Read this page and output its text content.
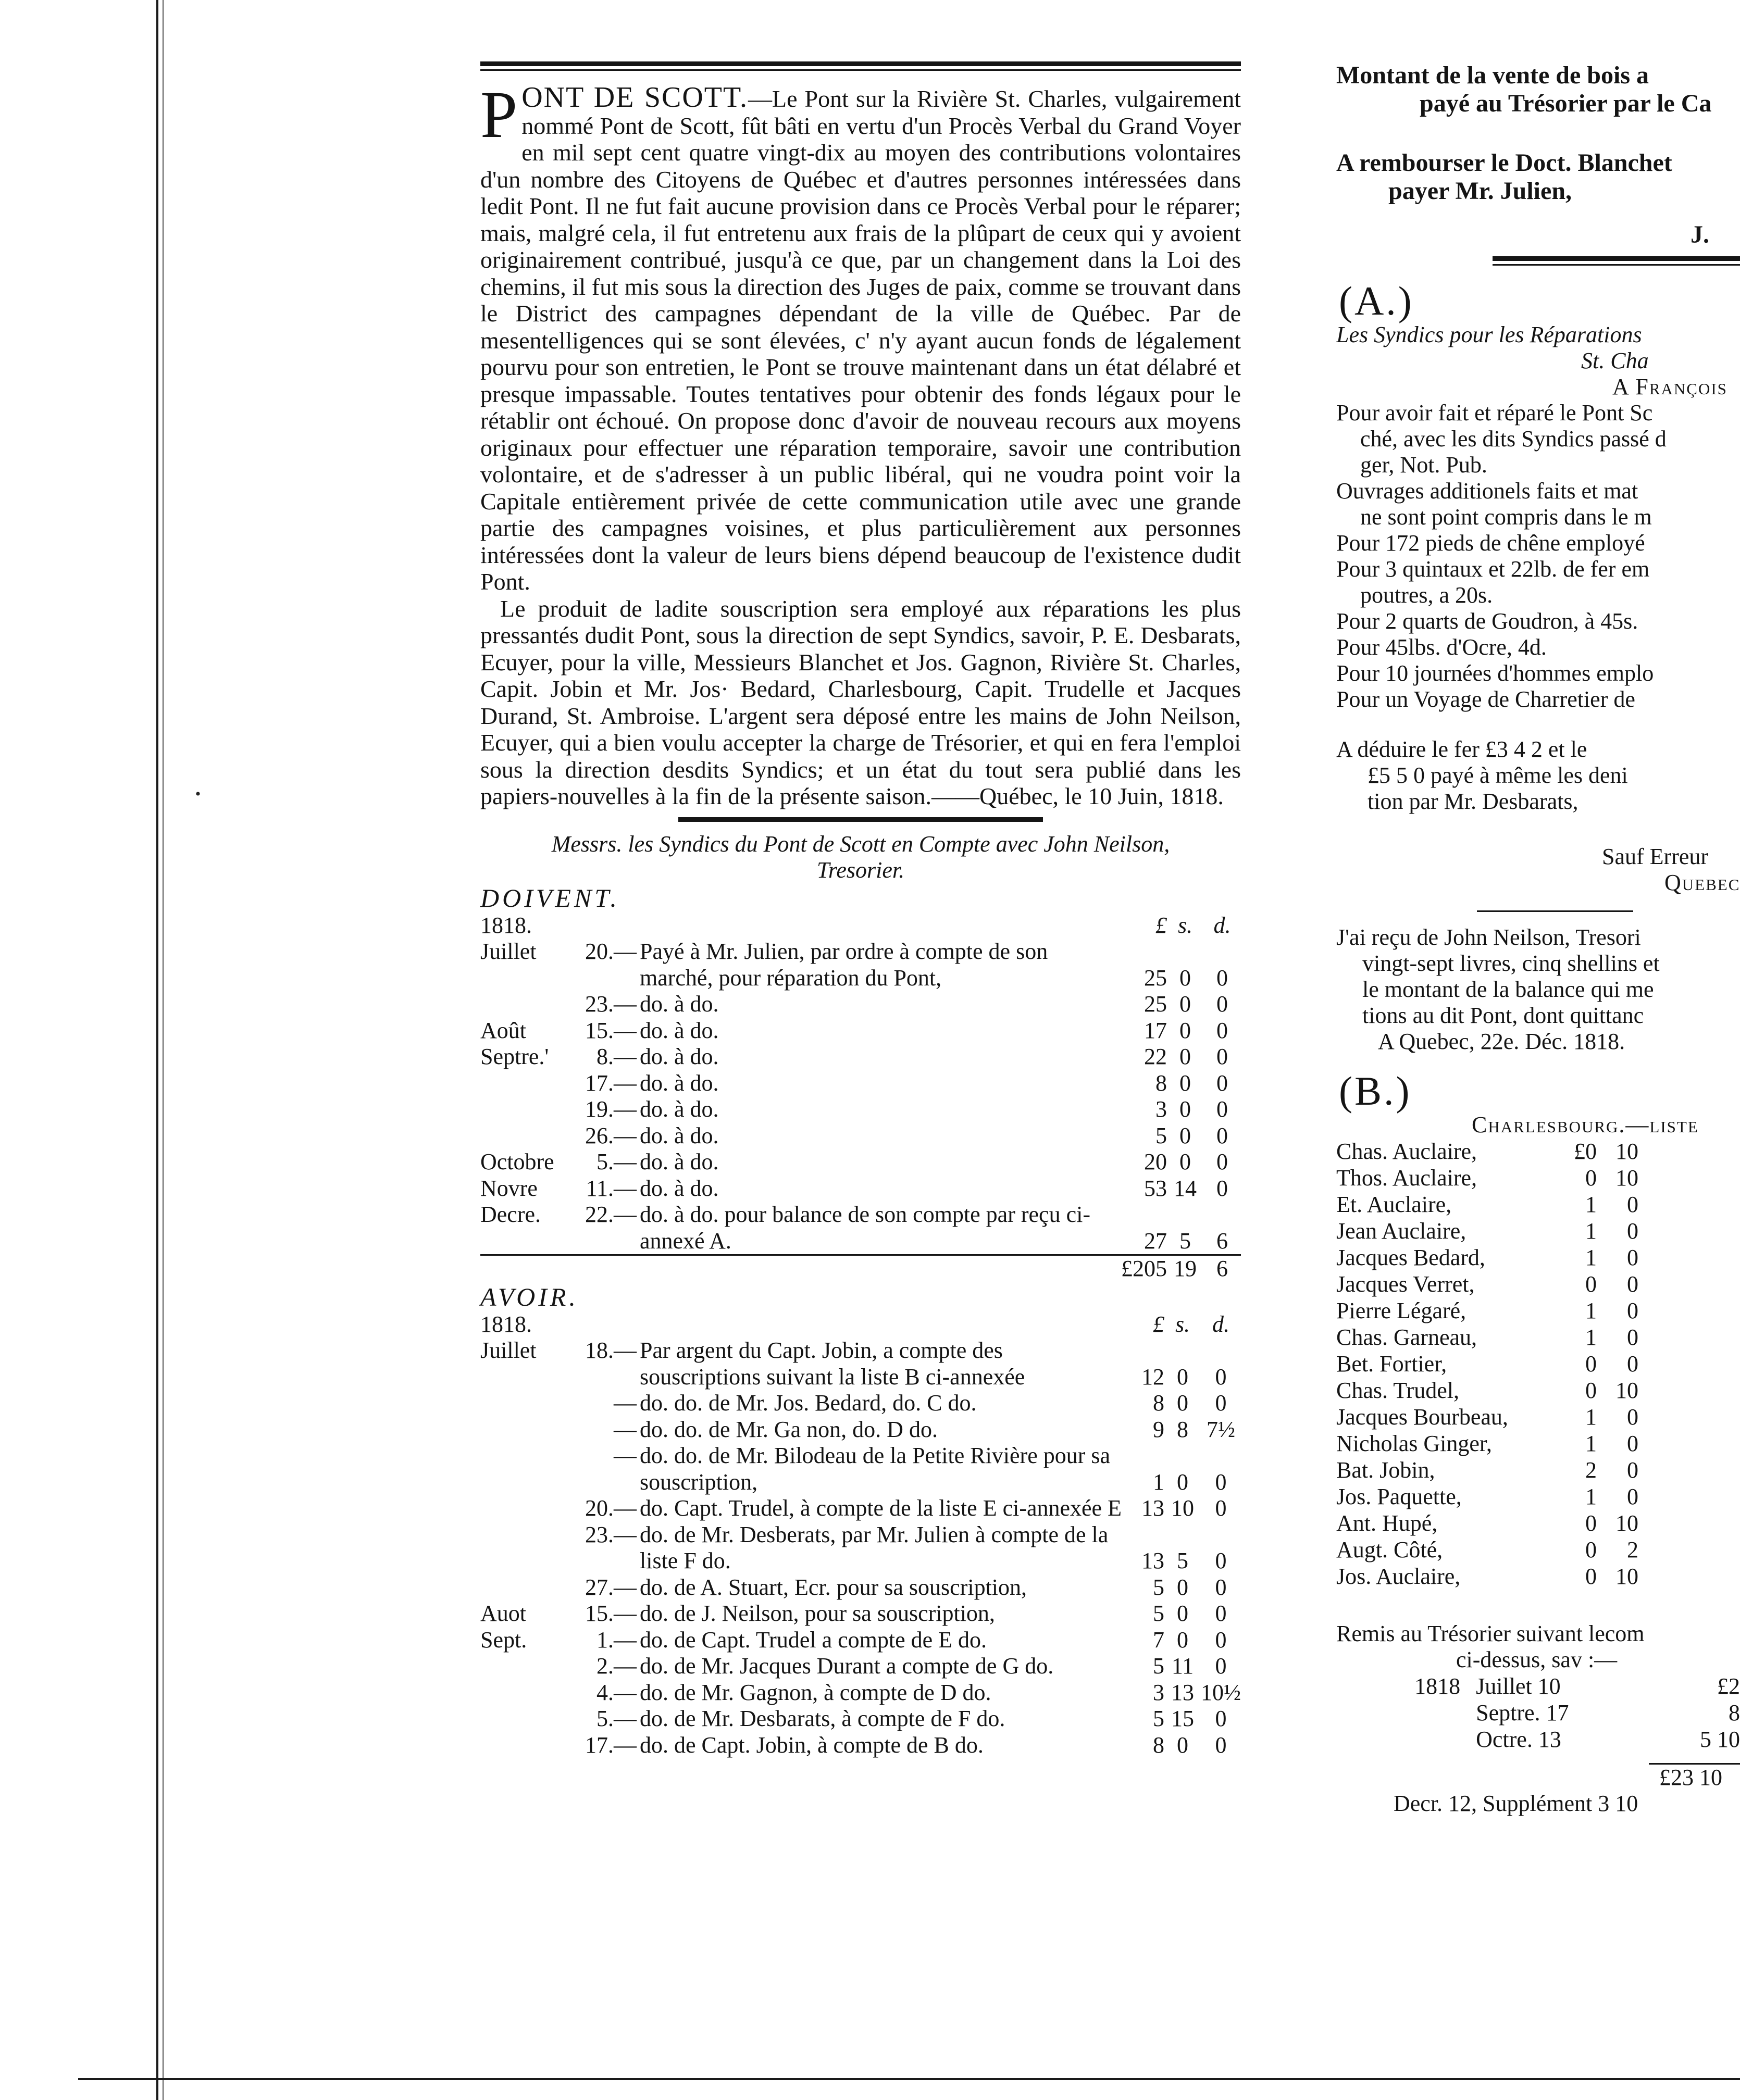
·

PONT DE SCOTT.—Le Pont sur la Rivière St. Charles, vulgairement nommé Pont de Scott, fût bâti en vertu d'un Procès Verbal du Grand Voyer en mil sept cent quatre vingt-dix au moyen des contributions volontaires d'un nombre des Citoyens de Québec et d'autres personnes intéressées dans ledit Pont. Il ne fut fait aucune provision dans ce Procès Verbal pour le réparer; mais, malgré cela, il fut entretenu aux frais de la plûpart de ceux qui y avoient originairement contribué, jusqu'à ce que, par un changement dans la Loi des chemins, il fut mis sous la direction des Juges de paix, comme se trouvant dans le District des campagnes dépendant de la ville de Québec. Par de mesentelligences qui se sont élevées, c' n'y ayant aucun fonds de légalement pourvu pour son entretien, le Pont se trouve maintenant dans un état délabré et presque impassable. Toutes tentatives pour obtenir des fonds légaux pour le rétablir ont échoué. On propose donc d'avoir de nouveau recours aux moyens originaux pour effectuer une réparation temporaire, savoir une contribution volontaire, et de s'adresser à un public libéral, qui ne voudra point voir la Capitale entièrement privée de cette communication utile avec une grande partie des campagnes voisines, et plus particulièrement aux personnes intéressées dont la valeur de leurs biens dépend beaucoup de l'existence dudit Pont.

Le produit de ladite souscription sera employé aux réparations les plus pressantés dudit Pont, sous la direction de sept Syndics, savoir, P. E. Desbarats, Ecuyer, pour la ville, Messieurs Blanchet et Jos. Gagnon, Rivière St. Charles, Capit. Jobin et Mr. Jos· Bedard, Charlesbourg, Capit. Trudelle et Jacques Durand, St. Ambroise. L'argent sera déposé entre les mains de John Neilson, Ecuyer, qui a bien voulu accepter la charge de Trésorier, et qui en fera l'emploi sous la direction desdits Syndics; et un état du tout sera publié dans les papiers-nouvelles à la fin de la présente saison.——Québec, le 10 Juin, 1818.

Messrs. les Syndics du Pont de Scott en Compte avec John Neilson,
Tresorier.

DOIVENT.

1818.			£	s.	d.
Juillet	20.—	Payé à Mr. Julien, par ordre à compte de son marché, pour réparation du Pont,	25	0	0
	23.—	do. à do.	25	0	0
Août	15.—	do. à do.	17	0	0
Septre.'	8.—	do. à do.	22	0	0
	17.—	do. à do.	8	0	0
	19.—	do. à do.	3	0	0
	26.—	do. à do.	5	0	0
Octobre	5.—	do. à do.	20	0	0
Novre	11.—	do. à do.	53	14	0
Decre.	22.—	do. à do. pour balance de son compte par reçu ci-annexé A.	27	5	6
			£205	19	6

AVOIR.

1818.			£	s.	d.
Juillet	18.—	Par argent du Capt. Jobin, a compte des souscriptions suivant la liste B ci-annexée	12	0	0
	—	do. do. de Mr. Jos. Bedard, do. C do.	8	0	0
	—	do. do. de Mr. Ga non, do. D do.	9	8	7½
	—	do. do. de Mr. Bilodeau de la Petite Rivière pour sa souscription,	1	0	0
	20.—	do. Capt. Trudel, à compte de la liste E ci-annexée E	13	10	0
	23.—	do. de Mr. Desberats, par Mr. Julien à compte de la liste F do.	13	5	0
	27.—	do. de A. Stuart, Ecr. pour sa souscription,	5	0	0
Auot	15.—	do. de J. Neilson, pour sa souscription,	5	0	0
Sept.	1.—	do. de Capt. Trudel a compte de E do.	7	0	0
	2.—	do. de Mr. Jacques Durant a compte de G do.	5	11	0
	4.—	do. de Mr. Gagnon, à compte de D do.	3	13	10½
	5.—	do. de Mr. Desbarats, à compte de F do.	5	15	0
	17.—	do. de Capt. Jobin, à compte de B do.	8	0	0

Montant de la vente de bois a

payé au Trésorier par le Ca

A rembourser le Doct. Blanchet

payer Mr. Julien,

J.

(A.)

Les Syndics pour les Réparations

St. Cha

A François

Pour avoir fait et réparé le Pont Sc

ché, avec les dits Syndics passé d

ger, Not. Pub.

Ouvrages additionels faits et mat

ne sont point compris dans le m

Pour 172 pieds de chêne employé

Pour 3 quintaux et 22lb. de fer em

poutres, a 20s.

Pour 2 quarts de Goudron, à 45s.

Pour 45lbs. d'Ocre, 4d.

Pour 10 journées d'hommes emplo

Pour un Voyage de Charretier de

A déduire le fer £3 4 2 et le

£5 5 0 payé à même les deni

tion par Mr. Desbarats,

Sauf Erreur

Quebec

J'ai reçu de John Neilson, Tresori

vingt-sept livres, cinq shellins et

le montant de la balance qui me

tions au dit Pont, dont quittanc

A Quebec, 22e. Déc. 1818.

(B.)

Charlesbourg.—liste

Chas. Auclaire,	£0	10
Thos. Auclaire,	0	10
Et. Auclaire,	1	0
Jean Auclaire,	1	0
Jacques Bedard,	1	0
Jacques Verret,	0	0
Pierre Légaré,	1	0
Chas. Garneau,	1	0
Bet. Fortier,	0	0
Chas. Trudel,	0	10
Jacques Bourbeau,	1	0
Nicholas Ginger,	1	0
Bat. Jobin,	2	0
Jos. Paquette,	1	0
Ant. Hupé,	0	10
Augt. Côté,	0	2
Jos. Auclaire,	0	10

Remis au Trésorier suivant lecom

ci-dessus, sav :—

1818	Juillet 10	£2
	Septre. 17	8
	Octre. 13	5 10

£23 10

Decr. 12, Supplément 3 10
